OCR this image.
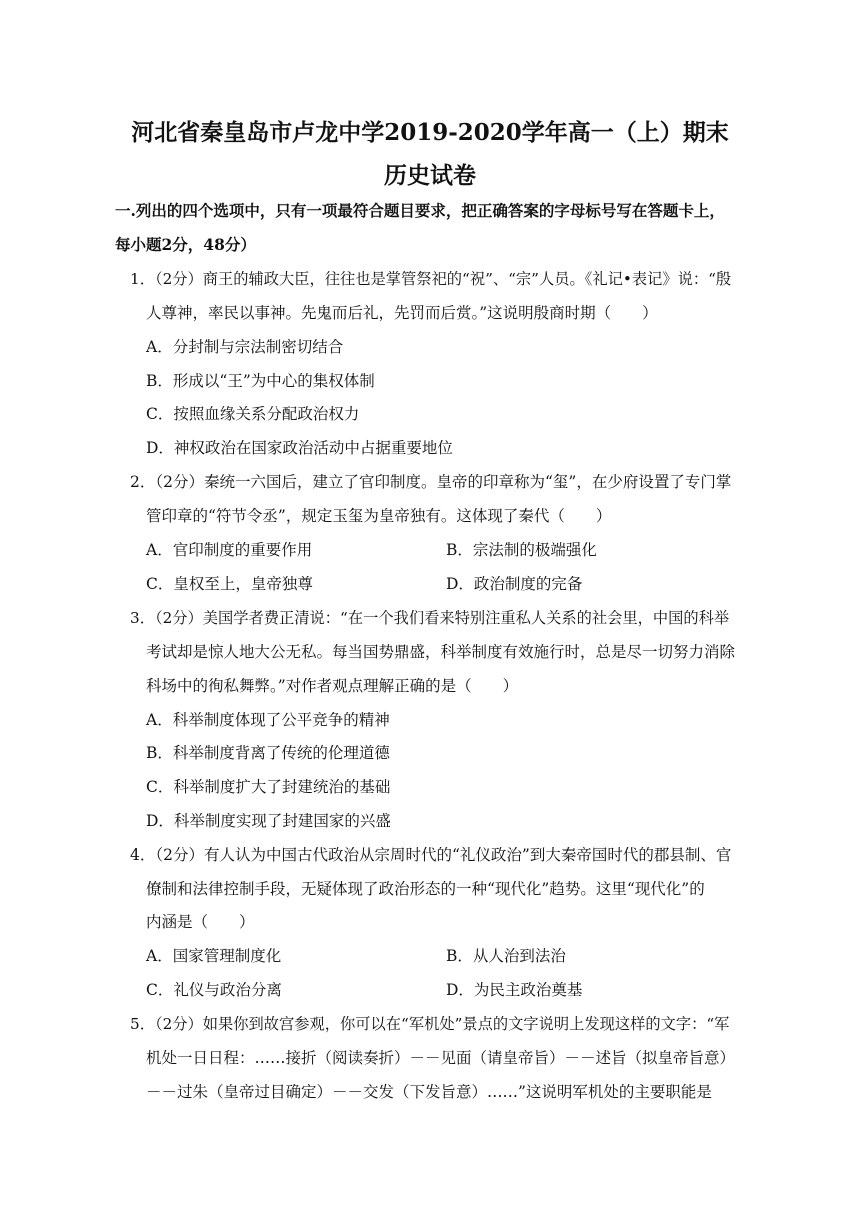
河北省秦皇岛市卢龙中学2019-2020学年高一（上）期末
历史试卷
一.列出的四个选项中，只有一项最符合题目要求，把正确答案的字母标号写在答题卡上，
每小题2分，48分）
1．（2分）商王的辅政大臣，往往也是掌管祭祀的“祝”、“宗”人员。《礼记•表记》说：“殷
人尊神，率民以事神。先鬼而后礼，先罚而后赏。”这说明殷商时期（　　）
A．分封制与宗法制密切结合
B．形成以“王”为中心的集权体制
C．按照血缘关系分配政治权力
D．神权政治在国家政治活动中占据重要地位
2．（2分）秦统一六国后，建立了官印制度。皇帝的印章称为“玺”，在少府设置了专门掌
管印章的“符节令丞”，规定玉玺为皇帝独有。这体现了秦代（　　）
A．官印制度的重要作用	B．宗法制的极端强化
C．皇权至上，皇帝独尊	D．政治制度的完备
3．（2分）美国学者费正清说：“在一个我们看来特别注重私人关系的社会里，中国的科举
考试却是惊人地大公无私。每当国势鼎盛，科举制度有效施行时，总是尽一切努力消除
科场中的徇私舞弊。”对作者观点理解正确的是（　　）
A．科举制度体现了公平竞争的精神
B．科举制度背离了传统的伦理道德
C．科举制度扩大了封建统治的基础
D．科举制度实现了封建国家的兴盛
4．（2分）有人认为中国古代政治从宗周时代的“礼仪政治”到大秦帝国时代的郡县制、官
僚制和法律控制手段，无疑体现了政治形态的一种“现代化”趋势。这里“现代化”的
内涵是（　　）
A．国家管理制度化	B．从人治到法治
C．礼仪与政治分离	D．为民主政治奠基
5．（2分）如果你到故宫参观，你可以在“军机处”景点的文字说明上发现这样的文字：“军
机处一日日程：……接折（阅读奏折）－－见面（请皇帝旨）－－述旨（拟皇帝旨意）
－－过朱（皇帝过目确定）－－交发（下发旨意）……”这说明军机处的主要职能是
